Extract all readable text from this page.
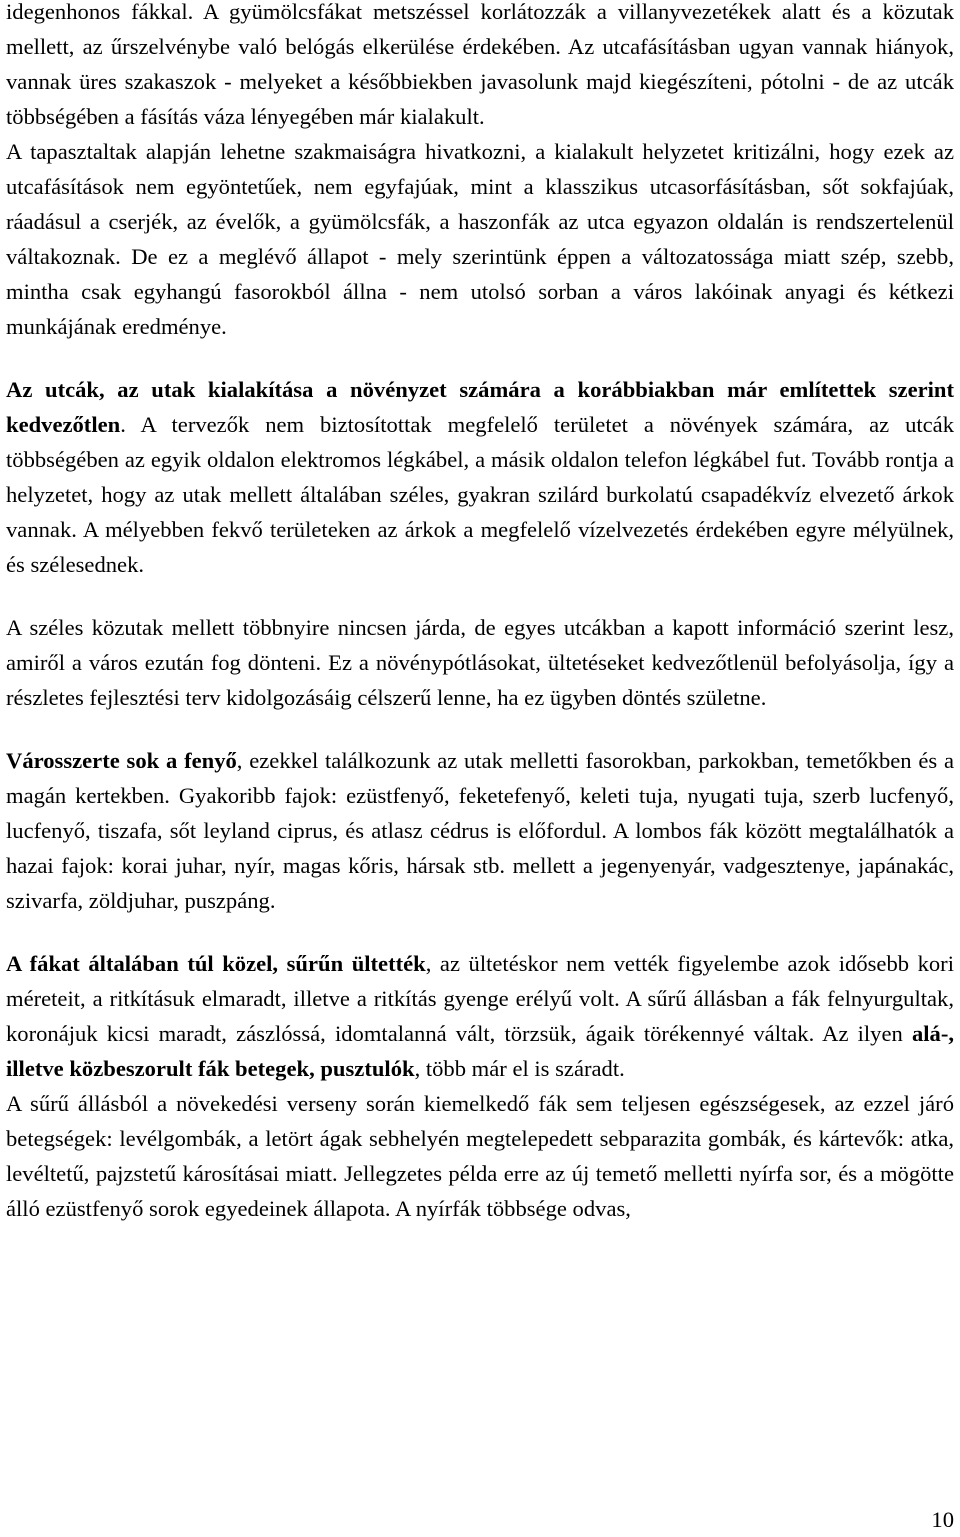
idegenhonos fákkal. A gyümölcsfákat metszéssel korlátozzák a villanyvezetékek alatt és a közutak mellett, az űrszelvénybe való belógás elkerülése érdekében. Az utcafásításban ugyan vannak hiányok, vannak üres szakaszok - melyeket a későbbiekben javasolunk majd kiegészíteni, pótolni - de az utcák többségében a fásítás váza lényegében már kialakult.

A tapasztaltak alapján lehetne szakmaiságra hivatkozni, a kialakult helyzetet kritizálni, hogy ezek az utcafásítások nem egyöntetűek, nem egyfajúak, mint a klasszikus utcasorfásításban, sőt sokfajúak, ráadásul a cserjék, az évelők, a gyümölcsfák, a haszonfák az utca egyazon oldalán is rendszertelenül váltakoznak. De ez a meglévő állapot - mely szerintünk éppen a változatossága miatt szép, szebb, mintha csak egyhangú fasorokból állna - nem utolsó sorban a város lakóinak anyagi és kétkezi munkájának eredménye.

Az utcák, az utak kialakítása a növényzet számára a korábbiakban már említettek szerint kedvezőtlen. A tervezők nem biztosítottak megfelelő területet a növények számára, az utcák többségében az egyik oldalon elektromos légkábel, a másik oldalon telefon légkábel fut. Tovább rontja a helyzetet, hogy az utak mellett általában széles, gyakran szilárd burkolatú csapadékvíz elvezető árkok vannak. A mélyebben fekvő területeken az árkok a megfelelő vízelvezetés érdekében egyre mélyülnek, és szélesednek.

A széles közutak mellett többnyire nincsen járda, de egyes utcákban a kapott információ szerint lesz, amiről a város ezután fog dönteni. Ez a növénypótlásokat, ültetéseket kedvezőtlenül befolyásolja, így a részletes fejlesztési terv kidolgozásáig célszerű lenne, ha ez ügyben döntés születne.

Városszerte sok a fenyő, ezekkel találkozunk az utak melletti fasorokban, parkokban, temetőkben és a magán kertekben. Gyakoribb fajok: ezüstfenyő, feketefenyő, keleti tuja, nyugati tuja, szerb lucfenyő, lucfenyő, tiszafa, sőt leyland ciprus, és atlasz cédrus is előfordul. A lombos fák között megtalálhatók a hazai fajok: korai juhar, nyír, magas kőris, hársak stb. mellett a jegenyenyár, vadgesztenye, japánakác, szivarfa, zöldjuhar, puszpáng.

A fákat általában túl közel, sűrűn ültették, az ültetéskor nem vették figyelembe azok idősebb kori méreteit, a ritkításuk elmaradt, illetve a ritkítás gyenge erélyű volt. A sűrű állásban a fák felnyurgultak, koronájuk kicsi maradt, zászlóssá, idomtalanná vált, törzsük, ágaik törékennyé váltak. Az ilyen alá-, illetve közbeszorult fák betegek, pusztulók, több már el is száradt.

A sűrű állásból a növekedési verseny során kiemelkedő fák sem teljesen egészségesek, az ezzel járó betegségek: levélgombák, a letört ágak sebhelyén megtelepedett sebparazita gombák, és kártevők: atka, levéltetű, pajzstetű károsításai miatt. Jellegzetes példa erre az új temető melletti nyírfa sor, és a mögötte álló ezüstfenyő sorok egyedeinek állapota. A nyírfák többsége odvas,

10
